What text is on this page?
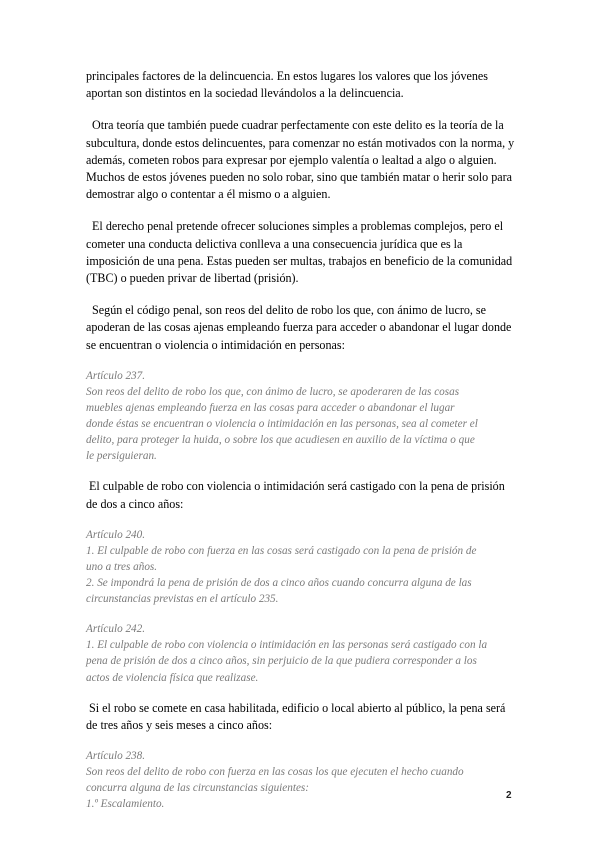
principales factores de la delincuencia. En estos lugares los valores que los jóvenes
aportan son distintos en la sociedad llevándolos a la delincuencia.

Otra teoría que también puede cuadrar perfectamente con este delito es la teoría de la
subcultura, donde estos delincuentes, para comenzar no están motivados con la norma, y
además, cometen robos para expresar por ejemplo valentía o lealtad a algo o alguien.
Muchos de estos jóvenes pueden no solo robar, sino que también matar o herir solo para
demostrar algo o contentar a él mismo o a alguien.

El derecho penal pretende ofrecer soluciones simples a problemas complejos, pero el
cometer una conducta delictiva conlleva a una consecuencia jurídica que es la
imposición de una pena. Estas pueden ser multas, trabajos en beneficio de la comunidad
(TBC) o pueden privar de libertad (prisión).

Según el código penal, son reos del delito de robo los que, con ánimo de lucro, se
apoderan de las cosas ajenas empleando fuerza para acceder o abandonar el lugar donde
se encuentran o violencia o intimidación en personas:

Artículo 237.
Son reos del delito de robo los que, con ánimo de lucro, se apoderaren de las cosas
muebles ajenas empleando fuerza en las cosas para acceder o abandonar el lugar
donde éstas se encuentran o violencia o intimidación en las personas, sea al cometer el
delito, para proteger la huida, o sobre los que acudiesen en auxilio de la víctima o que
le persiguieran.

El culpable de robo con violencia o intimidación será castigado con la pena de prisión
de dos a cinco años:

Artículo 240.
1. El culpable de robo con fuerza en las cosas será castigado con la pena de prisión de
uno a tres años.
2. Se impondrá la pena de prisión de dos a cinco años cuando concurra alguna de las
circunstancias previstas en el artículo 235.
Artículo 242.
1. El culpable de robo con violencia o intimidación en las personas será castigado con la
pena de prisión de dos a cinco años, sin perjuicio de la que pudiera corresponder a los
actos de violencia física que realizase.

Si el robo se comete en casa habilitada, edificio o local abierto al público, la pena será
de tres años y seis meses a cinco años:

Artículo 238.
Son reos del delito de robo con fuerza en las cosas los que ejecuten el hecho cuando
concurra alguna de las circunstancias siguientes:
1.º Escalamiento.
2
